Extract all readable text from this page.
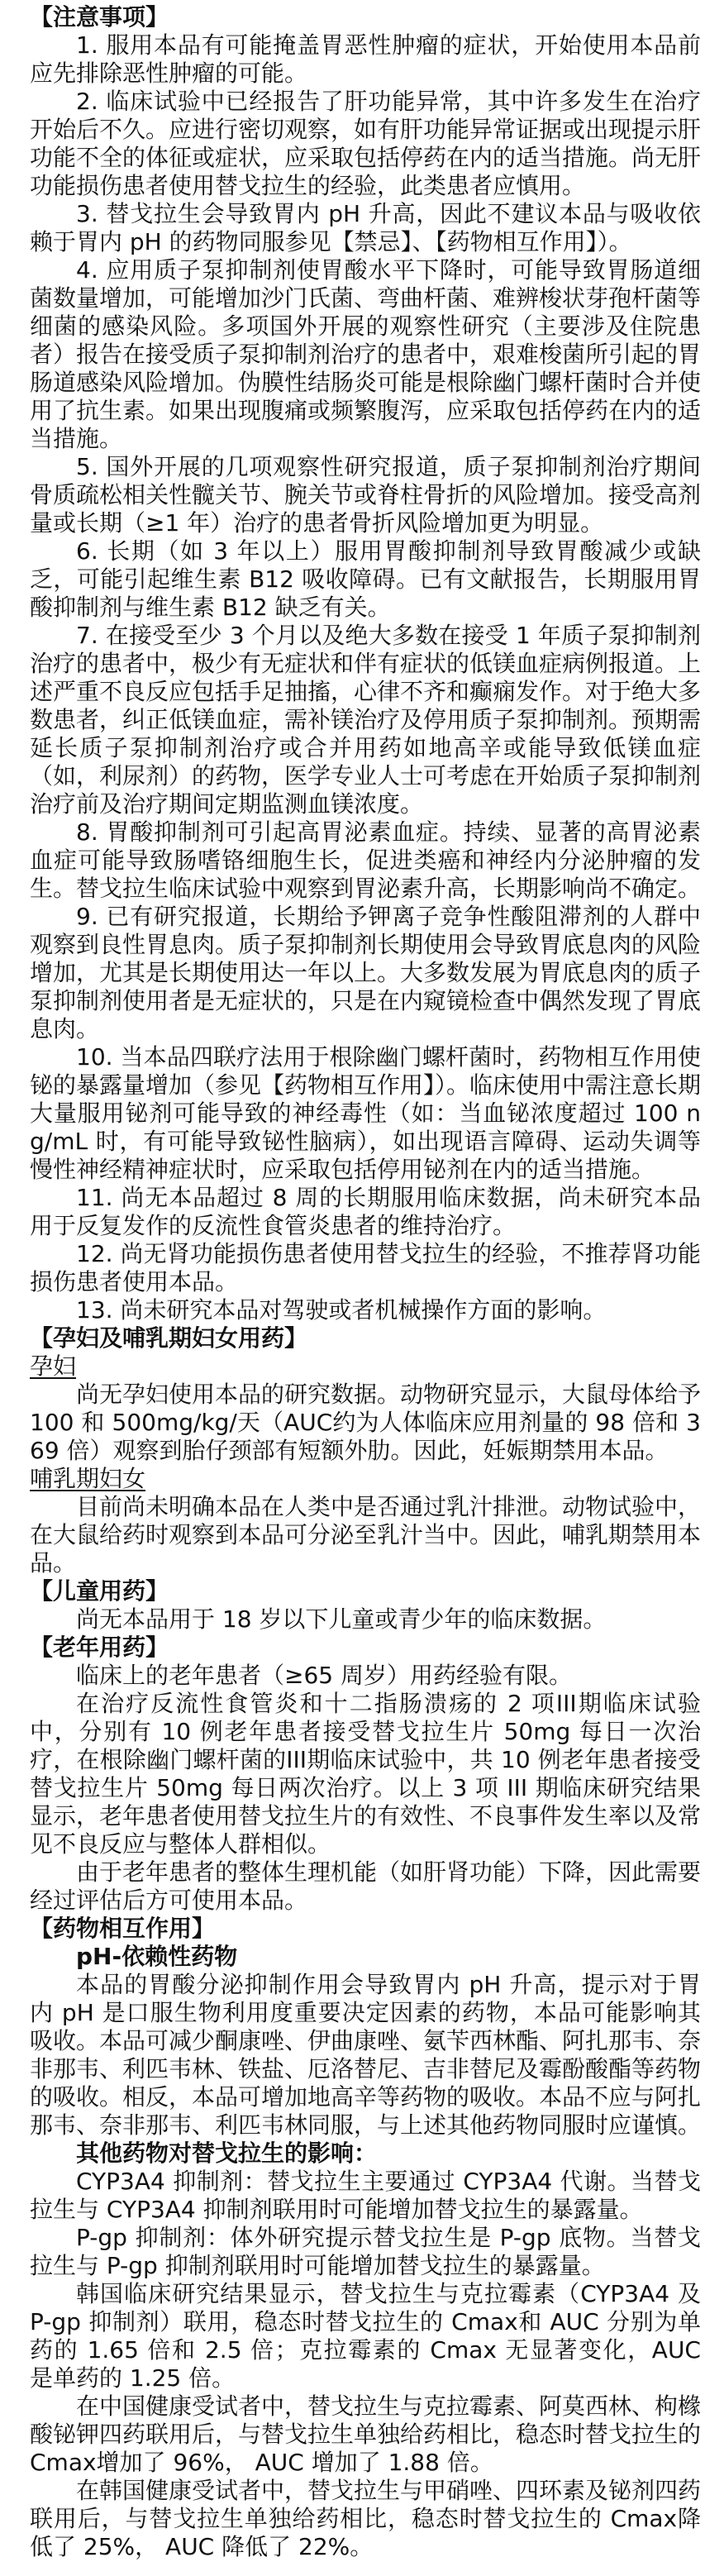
【注意事项】

1. 服用本品有可能掩盖胃恶性肿瘤的症状，开始使用本品前应先排除恶性肿瘤的可能。

2. 临床试验中已经报告了肝功能异常，其中许多发生在治疗开始后不久。应进行密切观察，如有肝功能异常证据或出现提示肝功能不全的体征或症状，应采取包括停药在内的适当措施。尚无肝功能损伤患者使用替戈拉生的经验，此类患者应慎用。

3. 替戈拉生会导致胃内 pH 升高，因此不建议本品与吸收依赖于胃内 pH 的药物同服参见【禁忌】、【药物相互作用】）。

4. 应用质子泵抑制剂使胃酸水平下降时，可能导致胃肠道细菌数量增加，可能增加沙门氏菌、弯曲杆菌、难辨梭状芽孢杆菌等细菌的感染风险。多项国外开展的观察性研究（主要涉及住院患者）报告在接受质子泵抑制剂治疗的患者中，艰难梭菌所引起的胃肠道感染风险增加。伪膜性结肠炎可能是根除幽门螺杆菌时合并使用了抗生素。如果出现腹痛或频繁腹泻，应采取包括停药在内的适当措施。

5. 国外开展的几项观察性研究报道，质子泵抑制剂治疗期间骨质疏松相关性髋关节、腕关节或脊柱骨折的风险增加。接受高剂量或长期（≥1 年）治疗的患者骨折风险增加更为明显。

6. 长期（如 3 年以上）服用胃酸抑制剂导致胃酸减少或缺乏，可能引起维生素 B12 吸收障碍。已有文献报告，长期服用胃酸抑制剂与维生素 B12 缺乏有关。

7. 在接受至少 3 个月以及绝大多数在接受 1 年质子泵抑制剂治疗的患者中，极少有无症状和伴有症状的低镁血症病例报道。上述严重不良反应包括手足抽搐，心律不齐和癫痫发作。对于绝大多数患者，纠正低镁血症，需补镁治疗及停用质子泵抑制剂。预期需延长质子泵抑制剂治疗或合并用药如地高辛或能导致低镁血症（如，利尿剂）的药物，医学专业人士可考虑在开始质子泵抑制剂治疗前及治疗期间定期监测血镁浓度。

8. 胃酸抑制剂可引起高胃泌素血症。持续、显著的高胃泌素血症可能导致肠嗜铬细胞生长，促进类癌和神经内分泌肿瘤的发生。替戈拉生临床试验中观察到胃泌素升高，长期影响尚不确定。

9. 已有研究报道，长期给予钾离子竞争性酸阻滞剂的人群中观察到良性胃息肉。质子泵抑制剂长期使用会导致胃底息肉的风险增加，尤其是长期使用达一年以上。大多数发展为胃底息肉的质子泵抑制剂使用者是无症状的，只是在内窥镜检查中偶然发现了胃底息肉。

10. 当本品四联疗法用于根除幽门螺杆菌时，药物相互作用使铋的暴露量增加（参见【药物相互作用】）。临床使用中需注意长期大量服用铋剂可能导致的神经毒性（如：当血铋浓度超过 100 ng/mL 时，有可能导致铋性脑病），如出现语言障碍、运动失调等慢性神经精神症状时，应采取包括停用铋剂在内的适当措施。

11. 尚无本品超过 8 周的长期服用临床数据，尚未研究本品用于反复发作的反流性食管炎患者的维持治疗。

12. 尚无肾功能损伤患者使用替戈拉生的经验，不推荐肾功能损伤患者使用本品。

13. 尚未研究本品对驾驶或者机械操作方面的影响。

【孕妇及哺乳期妇女用药】

孕妇

尚无孕妇使用本品的研究数据。动物研究显示，大鼠母体给予 100 和 500mg/kg/天（AUC约为人体临床应用剂量的 98 倍和 369 倍）观察到胎仔颈部有短额外肋。因此，妊娠期禁用本品。

哺乳期妇女

目前尚未明确本品在人类中是否通过乳汁排泄。动物试验中，在大鼠给药时观察到本品可分泌至乳汁当中。因此，哺乳期禁用本品。

【儿童用药】

尚无本品用于 18 岁以下儿童或青少年的临床数据。

【老年用药】

临床上的老年患者（≥65 周岁）用药经验有限。

在治疗反流性食管炎和十二指肠溃疡的 2 项III期临床试验中，分别有 10 例老年患者接受替戈拉生片 50mg 每日一次治疗，在根除幽门螺杆菌的III期临床试验中，共 10 例老年患者接受替戈拉生片 50mg 每日两次治疗。以上 3 项 III 期临床研究结果显示，老年患者使用替戈拉生片的有效性、不良事件发生率以及常见不良反应与整体人群相似。

由于老年患者的整体生理机能（如肝肾功能）下降，因此需要经过评估后方可使用本品。

【药物相互作用】

pH-依赖性药物

本品的胃酸分泌抑制作用会导致胃内 pH 升高，提示对于胃内 pH 是口服生物利用度重要决定因素的药物，本品可能影响其吸收。本品可减少酮康唑、伊曲康唑、氨苄西林酯、阿扎那韦、奈非那韦、利匹韦林、铁盐、厄洛替尼、吉非替尼及霉酚酸酯等药物的吸收。相反，本品可增加地高辛等药物的吸收。本品不应与阿扎那韦、奈非那韦、利匹韦林同服，与上述其他药物同服时应谨慎。

其他药物对替戈拉生的影响：

CYP3A4 抑制剂：替戈拉生主要通过 CYP3A4 代谢。当替戈拉生与 CYP3A4 抑制剂联用时可能增加替戈拉生的暴露量。

P-gp 抑制剂：体外研究提示替戈拉生是 P-gp 底物。当替戈拉生与 P-gp 抑制剂联用时可能增加替戈拉生的暴露量。

韩国临床研究结果显示，替戈拉生与克拉霉素（CYP3A4 及 P-gp 抑制剂）联用，稳态时替戈拉生的 Cmax和 AUC 分别为单药的 1.65 倍和 2.5 倍；克拉霉素的 Cmax 无显著变化，AUC 是单药的 1.25 倍。

在中国健康受试者中，替戈拉生与克拉霉素、阿莫西林、枸橼酸铋钾四药联用后，与替戈拉生单独给药相比，稳态时替戈拉生的 Cmax增加了 96%， AUC 增加了 1.88 倍。

在韩国健康受试者中，替戈拉生与甲硝唑、四环素及铋剂四药联用后，与替戈拉生单独给药相比，稳态时替戈拉生的 Cmax降低了 25%， AUC 降低了 22%。
